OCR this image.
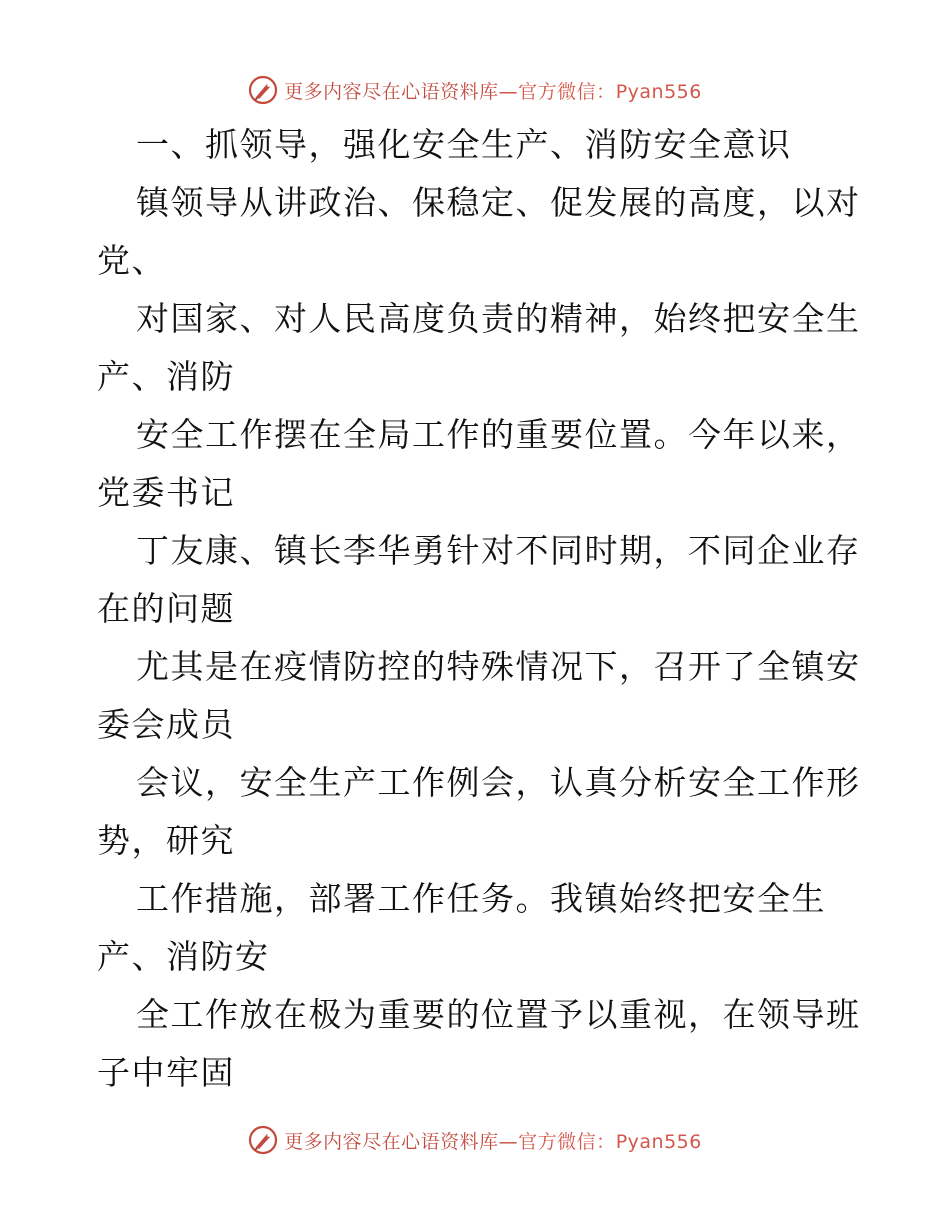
更多内容尽在心语资料库—官方微信：Pyan556
一、抓领导，强化安全生产、消防安全意识
镇领导从讲政治、保稳定、促发展的高度，以对
党、
对国家、对人民高度负责的精神，始终把安全生
产、消防
安全工作摆在全局工作的重要位置。今年以来，
党委书记
丁友康、镇长李华勇针对不同时期，不同企业存
在的问题
尤其是在疫情防控的特殊情况下，召开了全镇安
委会成员
会议，安全生产工作例会，认真分析安全工作形
势，研究
工作措施，部署工作任务。我镇始终把安全生
产、消防安
全工作放在极为重要的位置予以重视，在领导班
子中牢固
更多内容尽在心语资料库—官方微信：Pyan556
